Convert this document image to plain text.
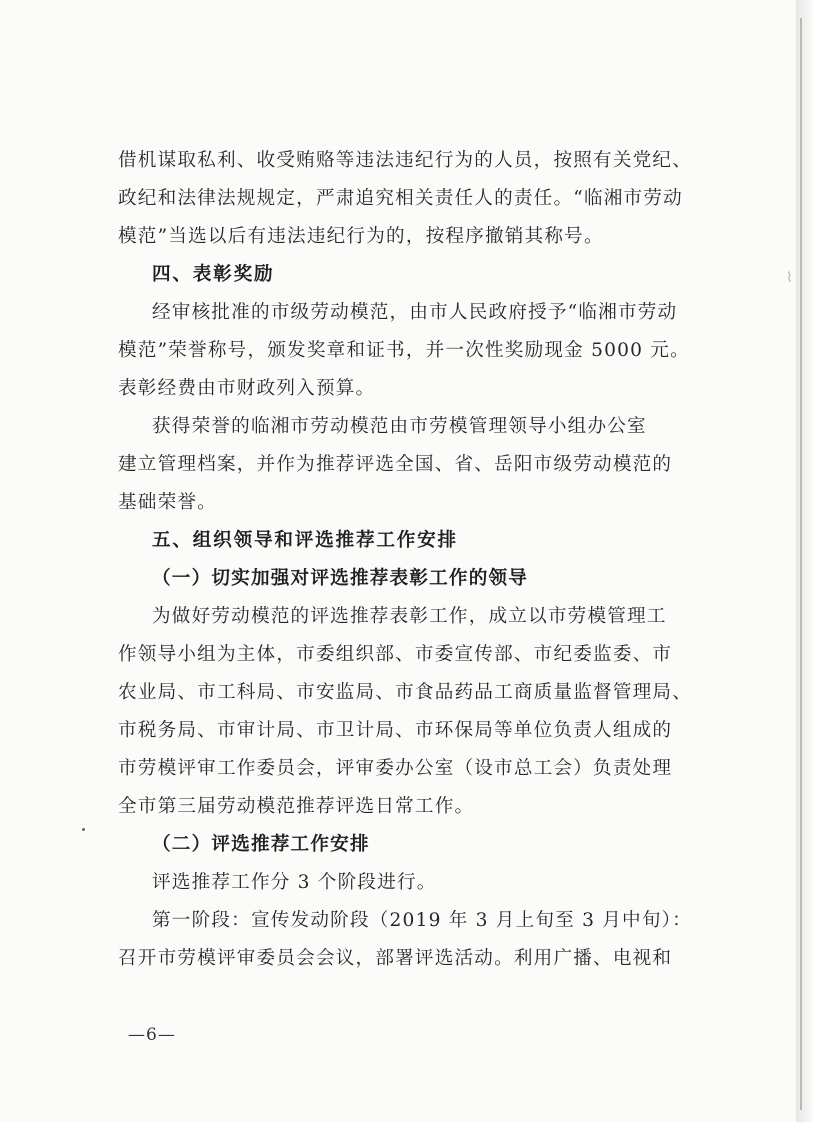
⌇
借机谋取私利、收受贿赂等违法违纪行为的人员，按照有关党纪、
政纪和法律法规规定，严肃追究相关责任人的责任。“临湘市劳动
模范”当选以后有违法违纪行为的，按程序撤销其称号。
四、表彰奖励
经审核批准的市级劳动模范，由市人民政府授予“临湘市劳动
模范”荣誉称号，颁发奖章和证书，并一次性奖励现金 5000 元。
表彰经费由市财政列入预算。
获得荣誉的临湘市劳动模范由市劳模管理领导小组办公室
建立管理档案，并作为推荐评选全国、省、岳阳市级劳动模范的
基础荣誉。
五、组织领导和评选推荐工作安排
（一）切实加强对评选推荐表彰工作的领导
为做好劳动模范的评选推荐表彰工作，成立以市劳模管理工
作领导小组为主体，市委组织部、市委宣传部、市纪委监委、市
农业局、市工科局、市安监局、市食品药品工商质量监督管理局、
市税务局、市审计局、市卫计局、市环保局等单位负责人组成的
市劳模评审工作委员会，评审委办公室（设市总工会）负责处理
全市第三届劳动模范推荐评选日常工作。
（二）评选推荐工作安排
评选推荐工作分 3 个阶段进行。
第一阶段：宣传发动阶段（2019 年 3 月上旬至 3 月中旬）：
召开市劳模评审委员会会议，部署评选活动。利用广播、电视和
—6—
